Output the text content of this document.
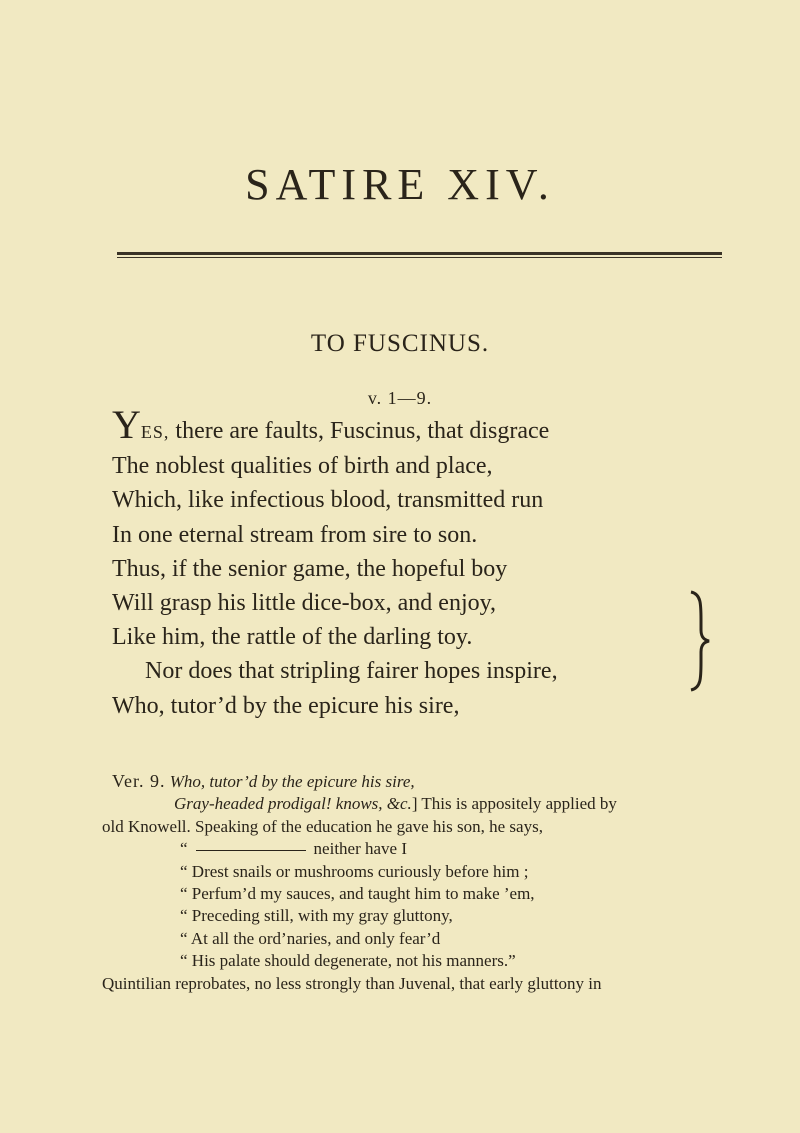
SATIRE XIV.
TO FUSCINUS.
v. 1—9.
YES, there are faults, Fuscinus, that disgrace
The noblest qualities of birth and place,
Which, like infectious blood, transmitted run
In one eternal stream from sire to son.
Thus, if the senior game, the hopeful boy
Will grasp his little dice-box, and enjoy,
Like him, the rattle of the darling toy.
Nor does that stripling fairer hopes inspire,
Who, tutor’d by the epicure his sire,
Ver. 9. Who, tutor’d by the epicure his sire,
Gray-headed prodigal! knows, &c.] This is appositely applied by
old Knowell. Speaking of the education he gave his son, he says,
“	neither have I
“ Drest snails or mushrooms curiously before him ;
“ Perfum’d my sauces, and taught him to make ’em,
“ Preceding still, with my gray gluttony,
“ At all the ord’naries, and only fear’d
“ His palate should degenerate, not his manners.”
Quintilian reprobates, no less strongly than Juvenal, that early gluttony in
